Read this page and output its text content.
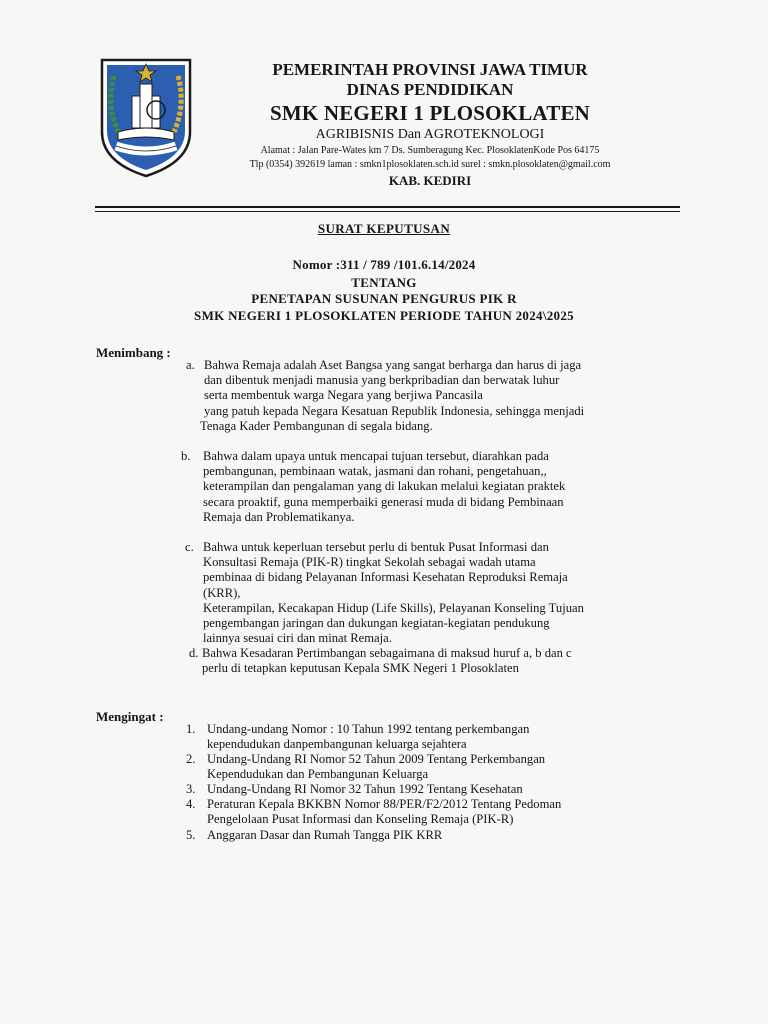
PEMERINTAH PROVINSI JAWA TIMUR
DINAS PENDIDIKAN
SMK NEGERI 1 PLOSOKLATEN
AGRIBISNIS Dan AGROTEKNOLOGI
Alamat : Jalan Pare-Wates km 7 Ds. Sumberagung Kec. PlosoklatenKode Pos 64175
Tlp (0354) 392619 laman : smkn1plosoklaten.sch.id surel : smkn.plosoklaten@gmail.com
KAB. KEDIRI
SURAT KEPUTUSAN
Nomor :311 / 789 /101.6.14/2024
TENTANG
PENETAPAN SUSUNAN PENGURUS PIK R
SMK NEGERI 1 PLOSOKLATEN PERIODE TAHUN 2024\2025
Menimbang :
a. Bahwa Remaja adalah Aset Bangsa yang sangat berharga dan harus di jaga
dan dibentuk menjadi manusia yang berkpribadian dan berwatak luhur
serta membentuk warga Negara yang berjiwa Pancasila
yang patuh kepada Negara Kesatuan Republik Indonesia, sehingga menjadi
Tenaga Kader Pembangunan di segala bidang.
b. Bahwa dalam upaya untuk mencapai tujuan tersebut, diarahkan pada
pembangunan, pembinaan watak, jasmani dan rohani, pengetahuan,,
keterampilan dan pengalaman yang di lakukan melalui kegiatan praktek
secara proaktif, guna memperbaiki generasi muda di bidang Pembinaan
Remaja dan Problematikanya.
c. Bahwa untuk keperluan tersebut perlu di bentuk Pusat Informasi dan
Konsultasi Remaja (PIK-R) tingkat Sekolah sebagai wadah utama
pembinaa di bidang Pelayanan Informasi Kesehatan Reproduksi Remaja
(KRR),
Keterampilan, Kecakapan Hidup (Life Skills), Pelayanan Konseling Tujuan
pengembangan jaringan dan dukungan kegiatan-kegiatan pendukung
lainnya sesuai ciri dan minat Remaja.
d. Bahwa Kesadaran Pertimbangan sebagaimana di maksud huruf a, b dan c
perlu di tetapkan keputusan Kepala SMK Negeri 1 Plosoklaten
Mengingat :
1. Undang-undang Nomor : 10 Tahun 1992 tentang perkembangan
kependudukan danpembangunan keluarga sejahtera
2. Undang-Undang RI Nomor 52 Tahun 2009 Tentang Perkembangan
Kependudukan dan Pembangunan Keluarga
3. Undang-Undang RI Nomor 32 Tahun 1992 Tentang Kesehatan
4. Peraturan Kepala BKKBN Nomor 88/PER/F2/2012 Tentang Pedoman
Pengelolaan Pusat Informasi dan Konseling Remaja (PIK-R)
5. Anggaran Dasar dan Rumah Tangga PIK KRR
